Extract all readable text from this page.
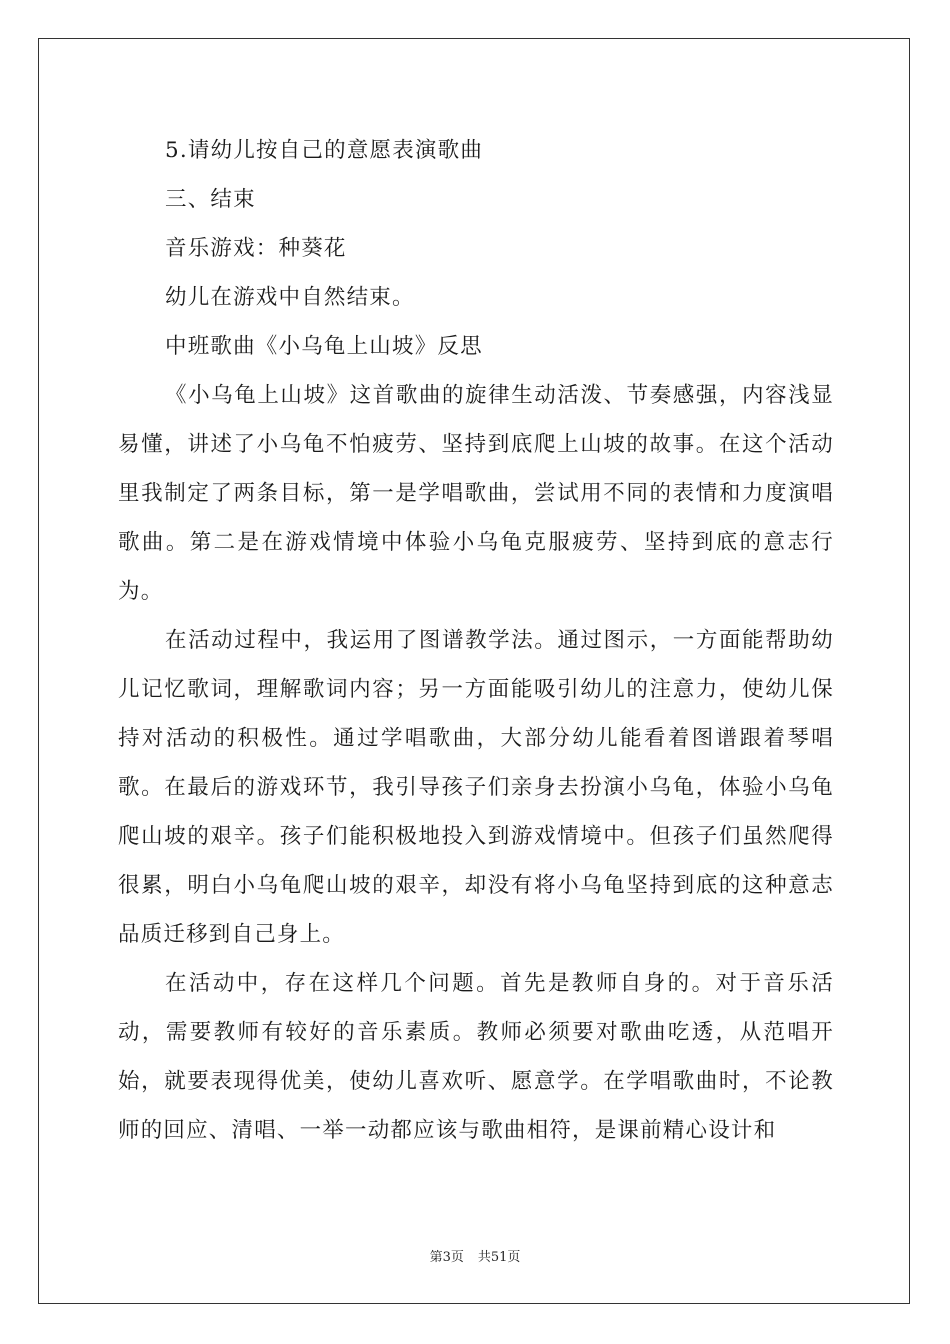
5.请幼儿按自己的意愿表演歌曲

三、结束

音乐游戏：种葵花

幼儿在游戏中自然结束。

中班歌曲《小乌龟上山坡》反思

《小乌龟上山坡》这首歌曲的旋律生动活泼、节奏感强，内容浅显易懂，讲述了小乌龟不怕疲劳、坚持到底爬上山坡的故事。在这个活动里我制定了两条目标，第一是学唱歌曲，尝试用不同的表情和力度演唱歌曲。第二是在游戏情境中体验小乌龟克服疲劳、坚持到底的意志行为。

在活动过程中，我运用了图谱教学法。通过图示，一方面能帮助幼儿记忆歌词，理解歌词内容；另一方面能吸引幼儿的注意力，使幼儿保持对活动的积极性。通过学唱歌曲，大部分幼儿能看着图谱跟着琴唱歌。在最后的游戏环节，我引导孩子们亲身去扮演小乌龟，体验小乌龟爬山坡的艰辛。孩子们能积极地投入到游戏情境中。但孩子们虽然爬得很累，明白小乌龟爬山坡的艰辛，却没有将小乌龟坚持到底的这种意志品质迁移到自己身上。

在活动中，存在这样几个问题。首先是教师自身的。对于音乐活动，需要教师有较好的音乐素质。教师必须要对歌曲吃透，从范唱开始，就要表现得优美，使幼儿喜欢听、愿意学。在学唱歌曲时，不论教师的回应、清唱、一举一动都应该与歌曲相符，是课前精心设计和

第3页 共51页
